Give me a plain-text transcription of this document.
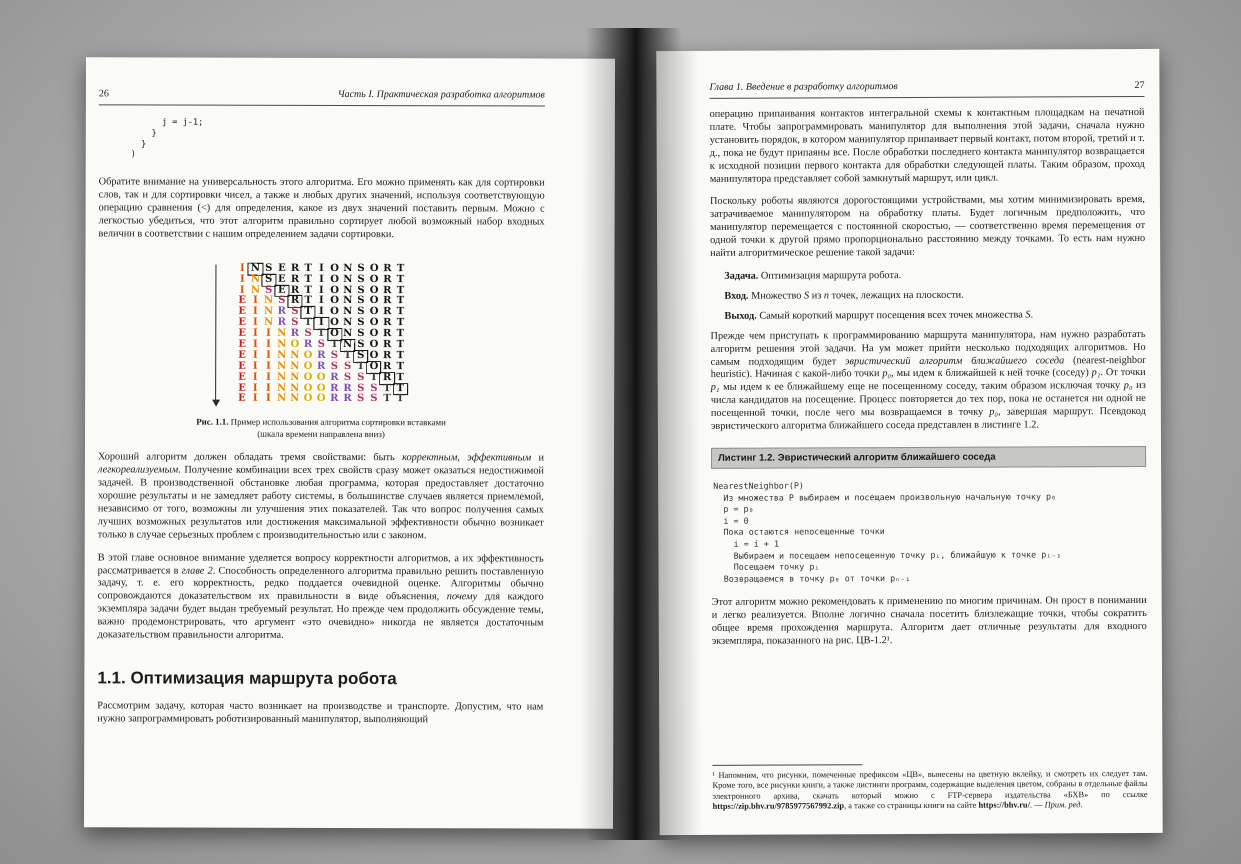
26	Часть I. Практическая разработка алгоритмов
j = j-1;
}
}
)
Обратите внимание на универсальность этого алгоритма. Его можно применять как для сортировки слов, так и для сортировки чисел, а также и любых других значений, используя соответствующую операцию сравнения (<) для определения, какое из двух значений поставить первым. Можно с легкостью убедиться, что этот алгоритм правильно сортирует любой возможный набор входных величин в соответствии с нашим определением задачи сортировки.
I N S E R T I O N S O R T
I N S E R T I O N S O R T
I N S E R T I O N S O R T
E I N S R T I O N S O R T
E I N R S T I O N S O R T
E I N R S T I O N S O R T
E I I N R S T O N S O R T
E I I N O R S T N S O R T
E I I N N O R S T S O R T
E I I N N O R S S T O R T
E I I N N O O R S S T R T
E I I N N O O R R S S T T
E I I N N O O R R S S T T
Рис. 1.1. Пример использования алгоритма сортировки вставками
(шкала времени направлена вниз)
Хороший алгоритм должен обладать тремя свойствами: быть корректным, эффективным и легкореализуемым. Получение комбинации всех трех свойств сразу может оказаться недостижимой задачей. В производственной обстановке любая программа, которая предоставляет достаточно хорошие результаты и не замедляет работу системы, в большинстве случаев является приемлемой, независимо от того, возможны ли улучшения этих показателей. Так что вопрос получения самых лучших возможных результатов или достижения максимальной эффективности обычно возникает только в случае серьезных проблем с производительностью или с законом.
В этой главе основное внимание уделяется вопросу корректности алгоритмов, а их эффективность рассматривается в главе 2. Способность определенного алгоритма правильно решить поставленную задачу, т. е. его корректность, редко поддается очевидной оценке. Алгоритмы обычно сопровождаются доказательством их правильности в виде объяснения, почему для каждого экземпляра задачи будет выдан требуемый результат. Но прежде чем продолжить обсуждение темы, важно продемонстрировать, что аргумент «это очевидно» никогда не является достаточным доказательством правильности алгоритма.
1.1. Оптимизация маршрута робота
Рассмотрим задачу, которая часто возникает на производстве и транспорте. Допустим, что нам нужно запрограммировать роботизированный манипулятор, выполняющий
Глава 1. Введение в разработку алгоритмов	27
операцию припаивания контактов интегральной схемы к контактным площадкам на печатной плате. Чтобы запрограммировать манипулятор для выполнения этой задачи, сначала нужно установить порядок, в котором манипулятор припаивает первый контакт, потом второй, третий и т. д., пока не будут припаяны все. После обработки последнего контакта манипулятор возвращается к исходной позиции первого контакта для обработки следующей платы. Таким образом, проход манипулятора представляет собой замкнутый маршрут, или цикл.
Поскольку роботы являются дорогостоящими устройствами, мы хотим минимизировать время, затрачиваемое манипулятором на обработку платы. Будет логичным предположить, что манипулятор перемещается с постоянной скоростью, — соответственно время перемещения от одной точки к другой прямо пропорционально расстоянию между точками. То есть нам нужно найти алгоритмическое решение такой задачи:
Задача. Оптимизация маршрута робота.
Вход. Множество S из n точек, лежащих на плоскости.
Выход. Самый короткий маршрут посещения всех точек множества S.
Прежде чем приступать к программированию маршрута манипулятора, нам нужно разработать алгоритм решения этой задачи. На ум может прийти несколько подходящих алгоритмов. Но самым подходящим будет эвристический алгоритм ближайшего соседа (nearest-neighbor heuristic). Начиная с какой-либо точки p₀, мы идем к ближайшей к ней точке (соседу) p₁. От точки p₁ мы идем к ее ближайшему еще не посещенному соседу, таким образом исключая точку p₀ из числа кандидатов на посещение. Процесс повторяется до тех пор, пока не останется ни одной не посещенной точки, после чего мы возвращаемся в точку p₀, завершая маршрут. Псевдокод эвристического алгоритма ближайшего соседа представлен в листинге 1.2.
Листинг 1.2. Эвристический алгоритм ближайшего соседа
NearestNeighbor(P)
Из множества P выбираем и посещаем произвольную начальную точку p₀
p = p₀
i = 0
Пока остаются непосещенные точки
i = i + 1
Выбираем и посещаем непосещенную точку pᵢ, ближайшую к точке pᵢ₋₁
Посещаем точку pᵢ
Возвращаемся в точку p₀ от точки pₙ₋₁
Этот алгоритм можно рекомендовать к применению по многим причинам. Он прост в понимании и легко реализуется. Вполне логично сначала посетить близлежащие точки, чтобы сократить общее время прохождения маршрута. Алгоритм дает отличные результаты для входного экземпляра, показанного на рис. ЦВ-1.2¹.
¹ Напомним, что рисунки, помеченные префиксом «ЦВ», вынесены на цветную вклейку, и смотреть их следует там. Кроме того, все рисунки книги, а также листинги программ, содержащие выделения цветом, собраны в отдельные файлы электронного архива, скачать который можно с FTP-сервера издательства «БХВ» по ссылке https://zip.bhv.ru/9785977567992.zip, а также со страницы книги на сайте https://bhv.ru/. — Прим. ред.
